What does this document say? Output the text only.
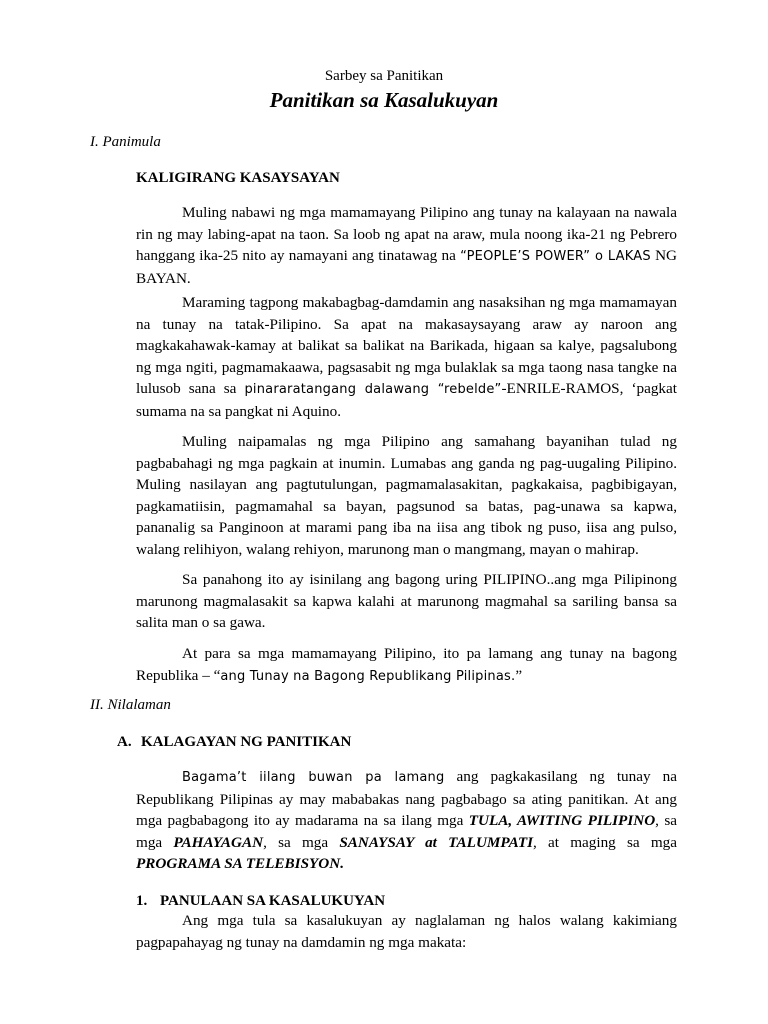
Sarbey sa Panitikan
Panitikan sa Kasalukuyan
I. Panimula
KALIGIRANG KASAYSAYAN

Muling nabawi ng mga mamamayang Pilipino ang tunay na kalayaan na nawala rin ng may labing-apat na taon. Sa loob ng apat na araw, mula noong ika-21 ng Pebrero hanggang ika-25 nito ay namayani ang tinatawag na “PEOPLE’S POWER” o LAKAS NG BAYAN.

Maraming tagpong makabagbag-damdamin ang nasaksihan ng mga mamamayan na tunay na tatak-Pilipino. Sa apat na makasaysayang araw ay naroon ang magkakahawak-kamay at balikat sa balikat na Barikada, higaan sa kalye, pagsalubong ng mga ngiti, pagmamakaawa, pagsasabit ng mga bulaklak sa mga taong nasa tangke na lulusob sana sa pinararatangang dalawang “rebelde”-ENRILE-RAMOS, ‘pagkat sumama na sa pangkat ni Aquino.

Muling naipamalas ng mga Pilipino ang samahang bayanihan tulad ng pagbabahagi ng mga pagkain at inumin. Lumabas ang ganda ng pag-uugaling Pilipino. Muling nasilayan ang pagtutulungan, pagmamalasakitan, pagkakaisa, pagbibigayan, pagkamatiisin, pagmamahal sa bayan, pagsunod sa batas, pag-unawa sa kapwa, pananalig sa Panginoon at marami pang iba na iisa ang tibok ng puso, iisa ang pulso, walang relihiyon, walang rehiyon, marunong man o mangmang, mayan o mahirap.

Sa panahong ito ay isinilang ang bagong uring PILIPINO..ang mga Pilipinong marunong magmalasakit sa kapwa kalahi at marunong magmahal sa sariling bansa sa salita man o sa gawa.

At para sa mga mamamayang Pilipino, ito pa lamang ang tunay na bagong Republika – “ang Tunay na Bagong Republikang Pilipinas.”

II. Nilalaman
A. KALAGAYAN NG PANITIKAN

Bagama’t iilang buwan pa lamang ang pagkakasilang ng tunay na Republikang Pilipinas ay may mababakas nang pagbabago sa ating panitikan. At ang mga pagbabagong ito ay madarama na sa ilang mga TULA, AWITING PILIPINO, sa mga PAHAYAGAN, sa mga SANAYSAY at TALUMPATI, at maging sa mga PROGRAMA SA TELEBISYON.

1. PANULAAN SA KASALUKUYAN

Ang mga tula sa kasalukuyan ay naglalaman ng halos walang kakimiang pagpapahayag ng tunay na damdamin ng mga makata:
